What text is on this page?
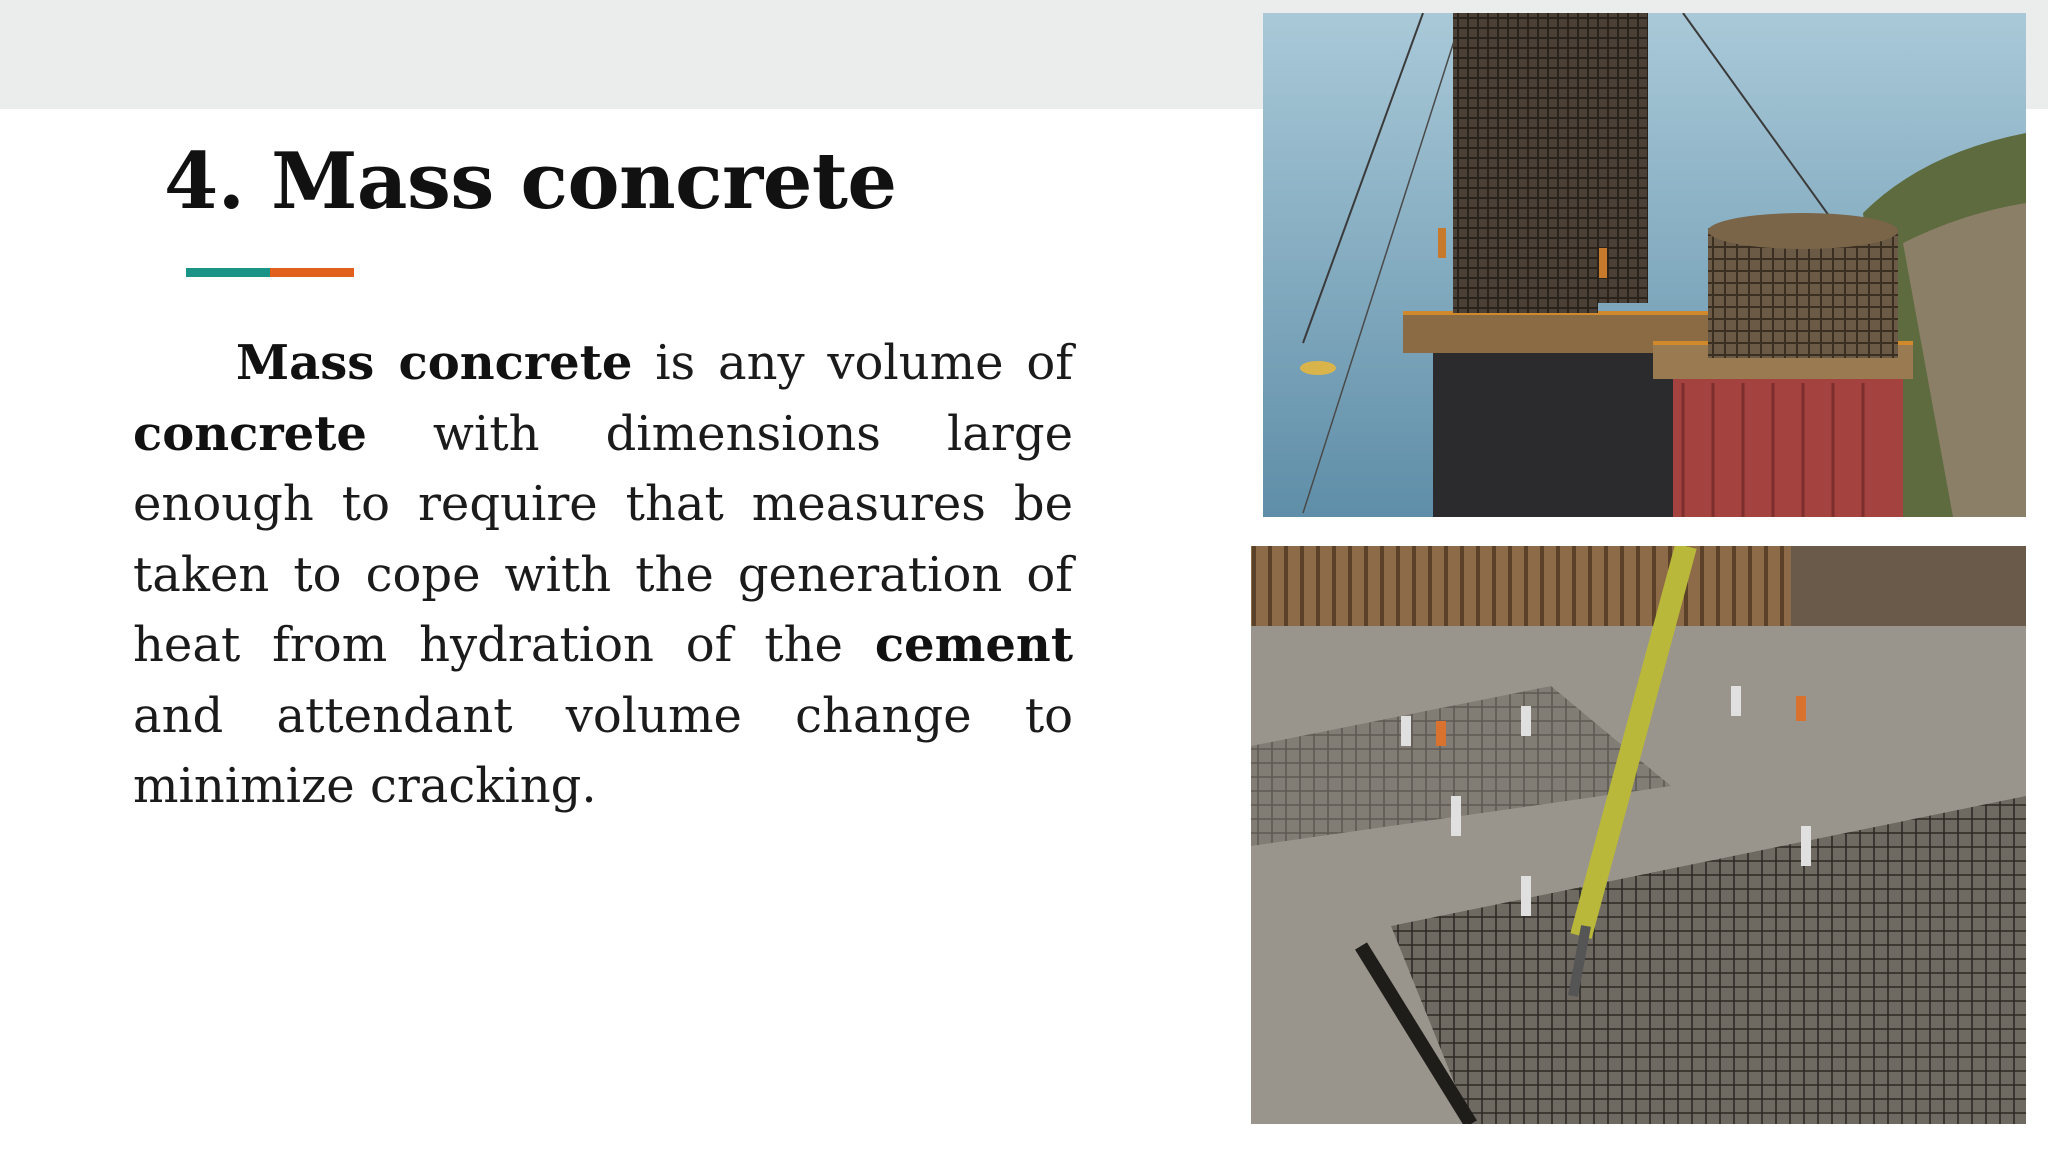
4. Mass concrete

Mass concrete is any volume of concrete with dimensions large enough to require that measures be taken to cope with the generation of heat from hydration of the cement and attendant volume change to minimize cracking.
